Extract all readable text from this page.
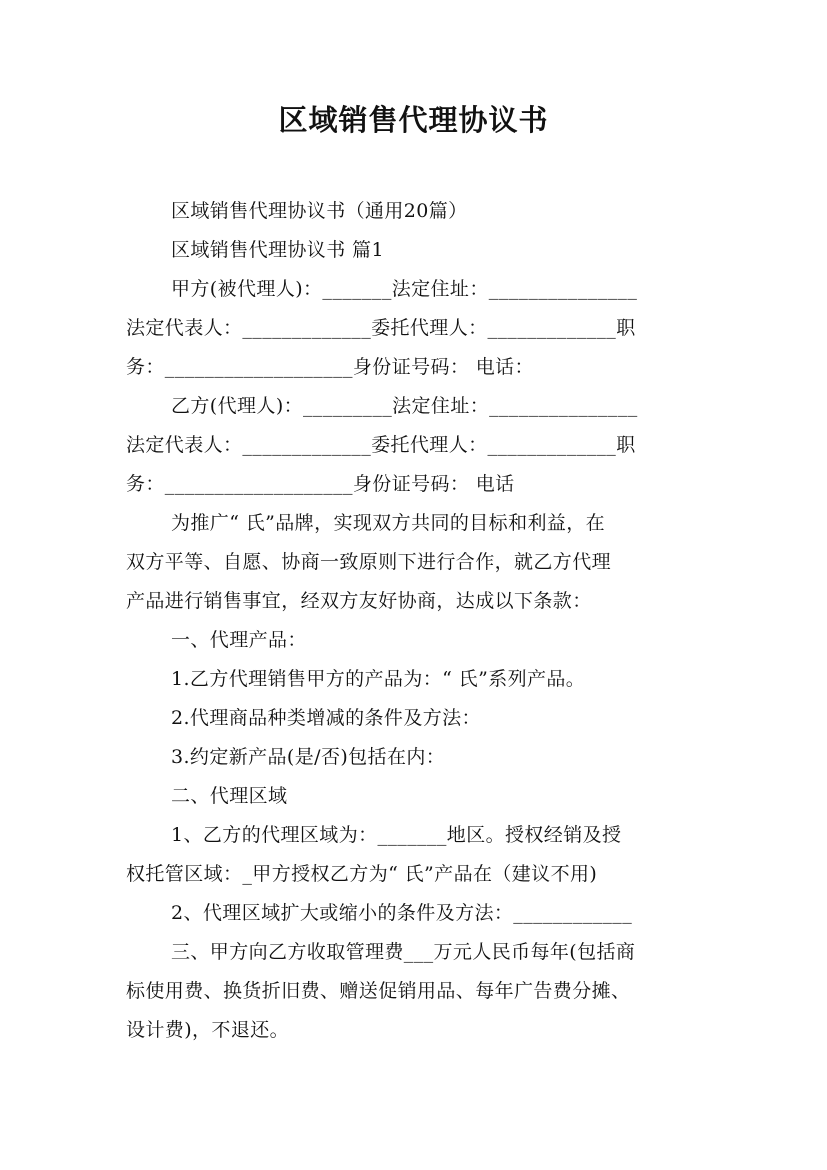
区域销售代理协议书
区域销售代理协议书（通用20篇）
区域销售代理协议书 篇1
甲方(被代理人)：_______法定住址：_______________
法定代表人：_____________委托代理人：_____________职
务：___________________身份证号码： 电话：
乙方(代理人)：_________法定住址：_______________
法定代表人：_____________委托代理人：_____________职
务：___________________身份证号码： 电话
为推广“ 氏”品牌，实现双方共同的目标和利益，在
双方平等、自愿、协商一致原则下进行合作，就乙方代理
产品进行销售事宜，经双方友好协商，达成以下条款：
一、代理产品：
1.乙方代理销售甲方的产品为：“ 氏”系列产品。
2.代理商品种类增减的条件及方法：
3.约定新产品(是/否)包括在内：
二、代理区域
1、乙方的代理区域为：_______地区。授权经销及授
权托管区域：_甲方授权乙方为“ 氏”产品在（建议不用)
2、代理区域扩大或缩小的条件及方法：____________
三、甲方向乙方收取管理费___万元人民币每年(包括商
标使用费、换货折旧费、赠送促销用品、每年广告费分摊、
设计费)，不退还。
